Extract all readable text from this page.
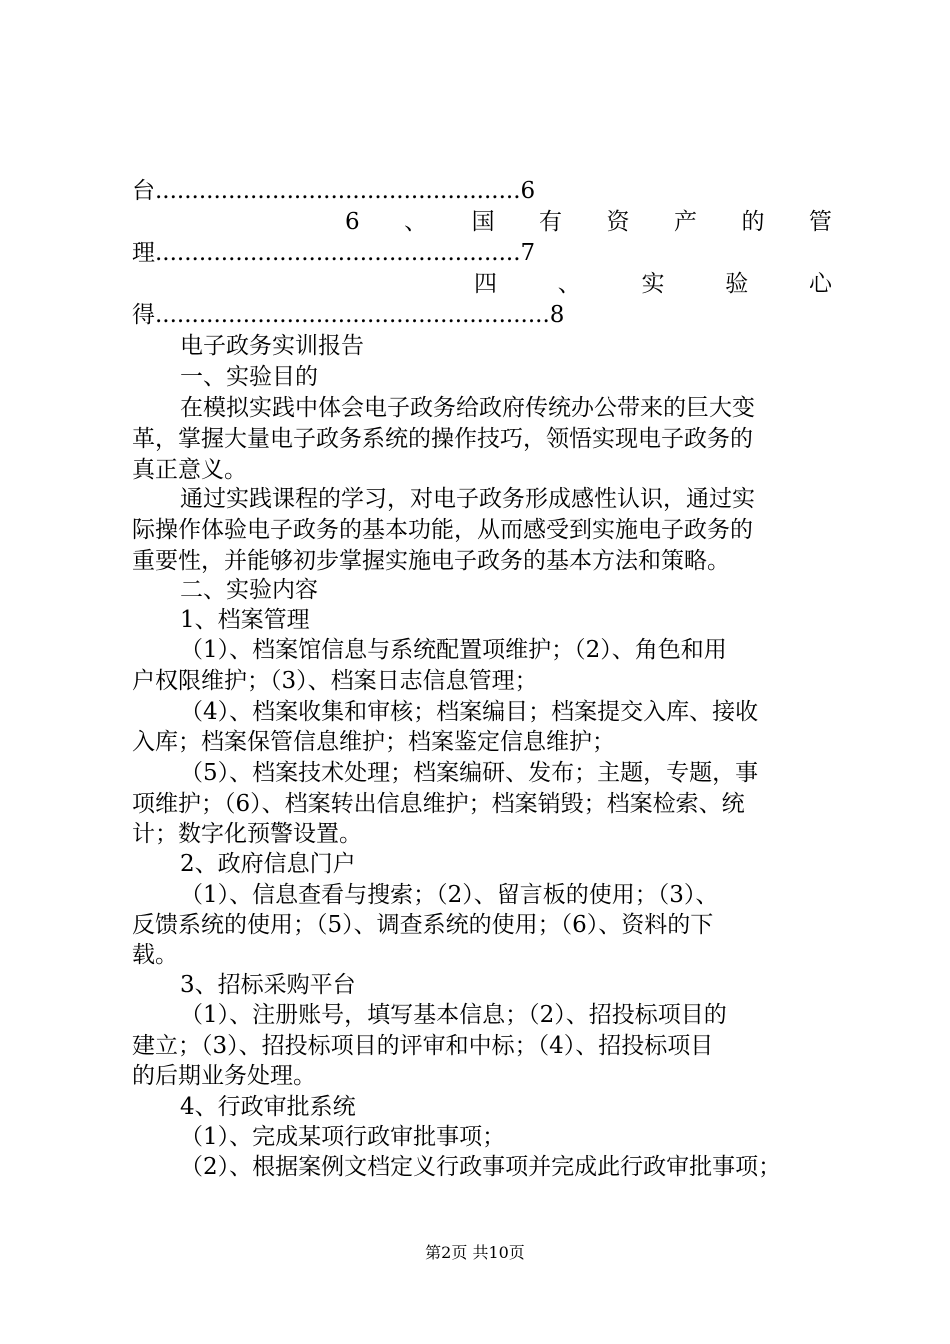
台..................................................6
6 、 国 有 资 产 的 管
理..................................................7
四	、	实	验	心
得......................................................8
电子政务实训报告
一、实验目的
在模拟实践中体会电子政务给政府传统办公带来的巨大变
革，掌握大量电子政务系统的操作技巧，领悟实现电子政务的
真正意义。
通过实践课程的学习，对电子政务形成感性认识，通过实
际操作体验电子政务的基本功能，从而感受到实施电子政务的
重要性，并能够初步掌握实施电子政务的基本方法和策略。
二、实验内容
1、档案管理
（1）、档案馆信息与系统配置项维护；（2）、角色和用
户权限维护；（3）、档案日志信息管理；
（4）、档案收集和审核；档案编目；档案提交入库、接收
入库；档案保管信息维护；档案鉴定信息维护；
（5）、档案技术处理；档案编研、发布；主题，专题，事
项维护；（6）、档案转出信息维护；档案销毁；档案检索、统
计；数字化预警设置。
2、政府信息门户
（1）、信息查看与搜索；（2）、留言板的使用；（3）、
反馈系统的使用；（5）、调查系统的使用；（6）、资料的下
载。
3、招标采购平台
（1）、注册账号，填写基本信息；（2）、招投标项目的
建立；（3）、招投标项目的评审和中标；（4）、招投标项目
的后期业务处理。
4、行政审批系统
（1）、完成某项行政审批事项；
（2）、根据案例文档定义行政事项并完成此行政审批事项；
第2页 共10页
